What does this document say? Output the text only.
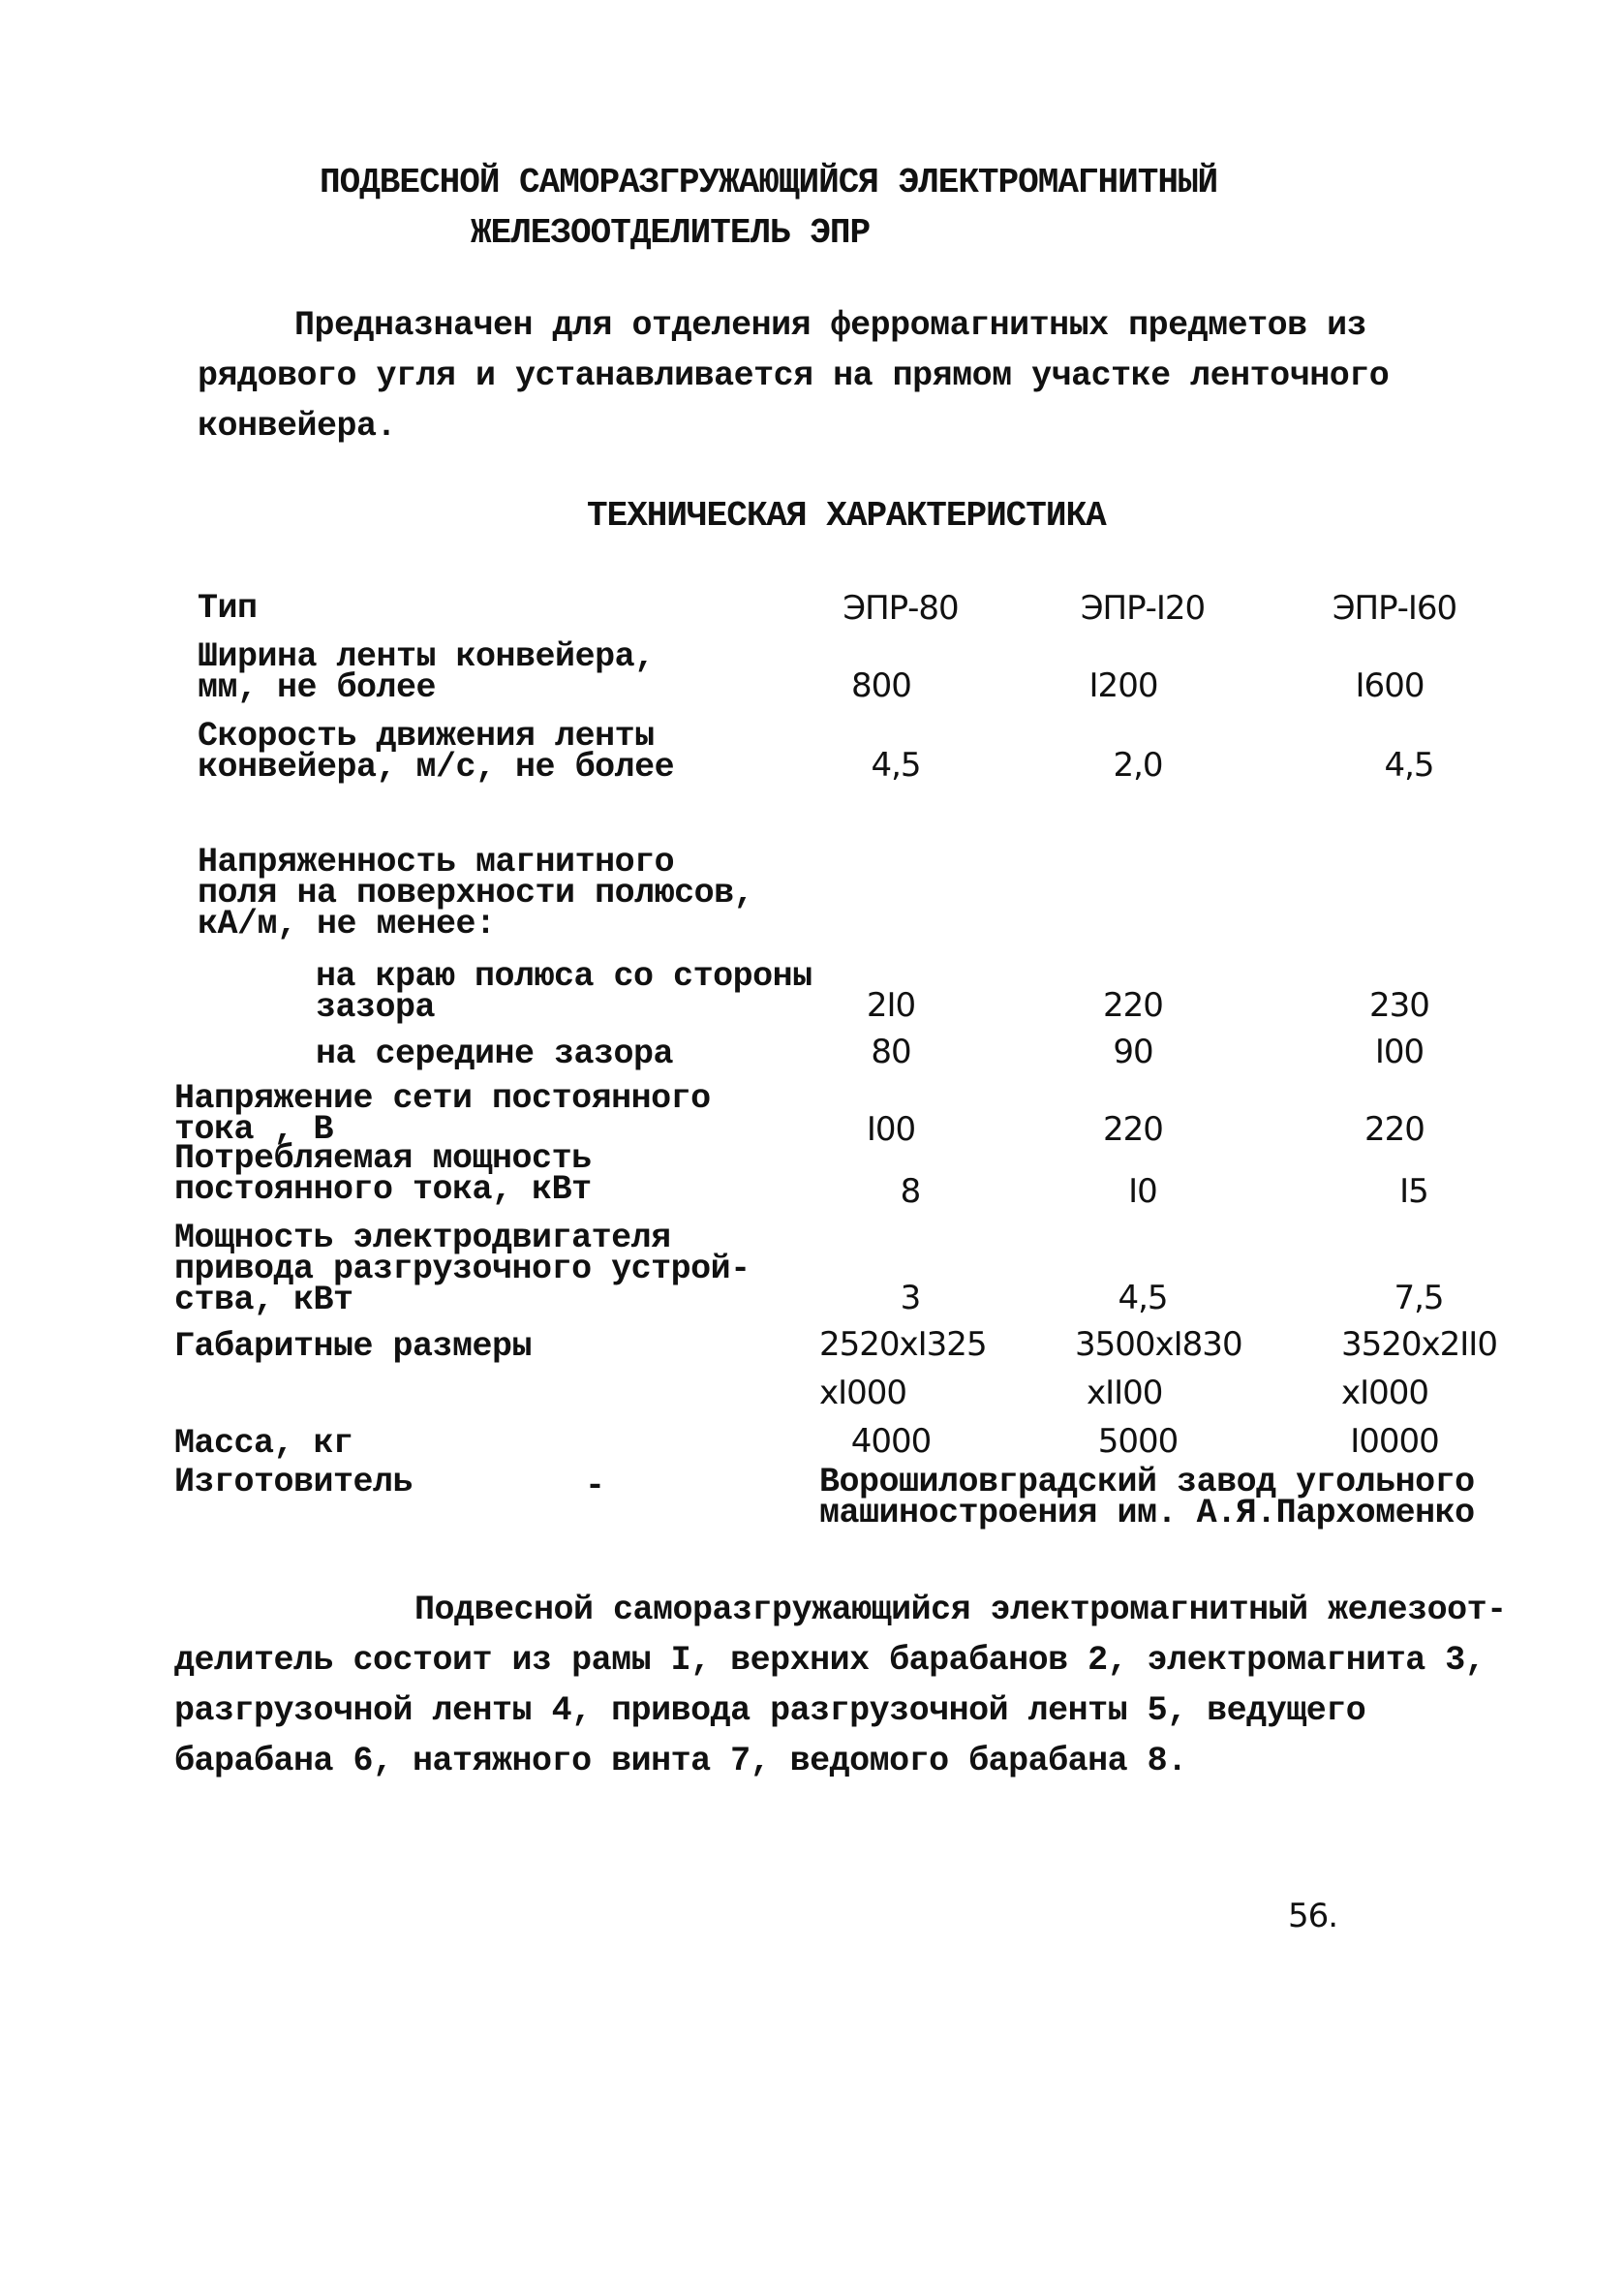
ПОДВЕСНОЙ САМОРАЗГРУЖАЮЩИЙСЯ ЭЛЕКТРОМАГНИТНЫЙ
ЖЕЛЕЗООТДЕЛИТЕЛЬ ЭПР
Предназначен для отделения ферромагнитных предметов из
рядового угля и устанавливается на прямом участке ленточного
конвейера.
ТЕХНИЧЕСКАЯ ХАРАКТЕРИСТИКА
Тип	ЭПР-80	ЭПР-I20	ЭПР-I60
Ширина ленты конвейера,
мм, не более	800	I200	I600
Скорость движения ленты
конвейера, м/с, не более	4,5	2,0	4,5
Напряженность магнитного
поля на поверхности полюсов,
кА/м, не менее:
на краю полюса со стороны
зазора	2I0	220	230
на середине зазора	80	90	I00
Напряжение сети постоянного
тока , В	I00	220	220
Потребляемая мощность
постоянного тока, кВт	8	I0	I5
Мощность электродвигателя
привода разгрузочного устрой-
ства, кВт	3	4,5	7,5
Габаритные размеры	2520xI325	3500xI830	3520x2II0
xI000	xII00	xI000
Масса, кг	4000	5000	I0000
Изготовитель	-	Ворошиловградский завод угольного
машиностроения им. А.Я.Пархоменко
Подвесной саморазгружающийся электромагнитный железоот-
делитель состоит из рамы I, верхних барабанов 2, электромагнита 3,
разгрузочной ленты 4, привода разгрузочной ленты 5, ведущего
барабана 6, натяжного винта 7, ведомого барабана 8.
56.
